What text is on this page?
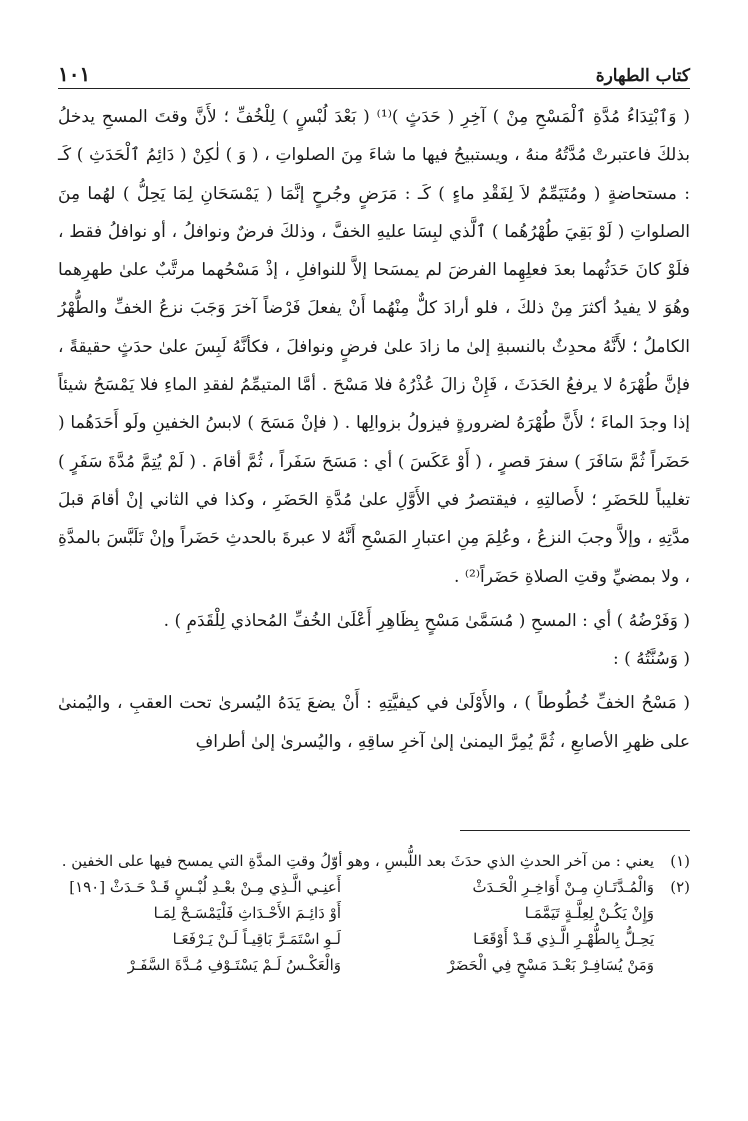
كتاب الطهارة
١٠١

( وَٱبْتِدَاءُ مُدَّةِ ٱلْمَسْحِ مِنْ ) آخِرِ ( حَدَثٍ )⁽¹⁾ ( بَعْدَ لُبْسٍ ) لِلْخُفِّ ؛ لأَنَّ وقتَ المسحِ يدخلُ بذلكَ فاعتبرتْ مُدَّتُهُ منهُ ، ويستبيحُ فيها ما شاءَ مِنَ الصلواتِ ، ( وَ ) لٰكِنْ ( دَائِمُ ٱلْحَدَثِ ) كَـ : مستحاضةٍ ( ومُتَيَمِّمٌ لاَ لِفَقْدِ ماءٍ ) كَـ : مَرَضٍ وجُرحٍ إنَّمَا ( يَمْسَحَانِ لِمَا يَحِلُّ ) لهُما مِنَ الصلواتِ ( لَوْ بَقِيَ طُهْرُهُما ) ٱلَّذي لبِسَا عليهِ الخفَّ ، وذلكَ فرضٌ ونوافلُ ، أو نوافلُ فقط ، فلَوْ كانَ حَدَثُهما بعدَ فعلِهِما الفرضَ لم يمسَحا إلاَّ للنوافلِ ، إذْ مَسْحُهما مرتَّبٌ علىٰ طهرِهما وهُوَ لا يفيدُ أكثرَ مِنْ ذلكَ ، فلو أرادَ كلٌّ مِنْهُما أَنْ يفعلَ فَرْضاً آخرَ وَجَبَ نزعُ الخفِّ والطُّهْرُ الكاملُ ؛ لأَنَّهُ محدِثٌ بالنسبةِ إلىٰ ما زادَ علىٰ فرضٍ ونوافلَ ، فكأنَّهُ لَبِسَ علىٰ حدَثٍ حقيقةً ، فإنَّ طُهْرَهُ لا يرفعُ الحَدَثَ ، فَإِنْ زالَ عُذْرُهُ فلا مَسْحَ . أمَّا المتيمِّمُ لفقدِ الماءِ فلا يَمْسَحُ شيئاً إذا وجدَ الماءَ ؛ لأَنَّ طُهْرَهُ لضرورةٍ فيزولُ بزوالِها . ( فإنْ مَسَحَ ) لابسُ الخفينِ ولَو أَحَدَهُما ( حَضَراً ثُمَّ سَافَرَ ) سفرَ قصرٍ ، ( أَوْ عَكَسَ ) أي : مَسَحَ سَفَراً ، ثُمَّ أقامَ . ( لَمْ يُتِمَّ مُدَّةَ سَفَرٍ ) تغليباً للحَضَرِ ؛ لأَصالتِهِ ، فيقتصرُ في الأَوَّلِ علىٰ مُدَّةِ الحَضَرِ ، وكذا في الثاني إنْ أقامَ قبلَ مدَّتِهِ ، وإلاَّ وجبَ النزعُ ، وعُلِمَ مِنِ اعتبارِ المَسْحِ أَنَّهُ لا عبرةَ بالحدثِ حَضَراً وإنْ تَلَبَّسَ بالمدَّةِ ، ولا بمضيِّ وقتِ الصلاةِ حَضَراً⁽²⁾ .

( وَفَرْضُهُ ) أي : المسحِ ( مُسَمَّىٰ مَسْحٍ بِظَاهِرِ أَعْلَىٰ الخُفِّ المُحاذي لِلْقَدَمِ ) .

( وَسُنَّتُهُ ) :

( مَسْحُ الخفِّ خُطُوطاً ) ، والأَوْلَىٰ في كيفيَّتِهِ : أَنْ يضعَ يَدَهُ اليُسرىٰ تحت العقبِ ، واليُمنىٰ على ظهرِ الأصابعِ ، ثُمَّ يُمِرَّ اليمنىٰ إلىٰ آخرِ ساقِهِ ، واليُسرىٰ إلىٰ أطرافِ

(١)
يعني : من آخر الحدثِ الذي حدَثَ بعد اللُّبسِ ، وهو أوّلُ وقتِ المدَّةِ التي يمسح فيها على الخفين .
(٢)
وَالْمُـدَّتَـانِ مِـنْ أَوَاخِـرِ الْحَـدَثْ
أَعنِـي الَّـذِي مِـنْ بعْـدِ لُبْـسٍ قَـدْ حَـدَثْ [١٩٠]
وَإِنْ يَكُـنْ لِعِلَّـةٍ تَيَمَّمَـا
أَوْ دَائِـمَ الأَحْـدَاثِ فَلْيَمْسَـحْ لِمَـا
يَحِـلُّ بِالطُّهْـرِ الَّـذِي قَـدْ أَوْقَعَـا
لَـوِ اسْتَمَـرَّ بَاقِيـاً لَـنْ يَـرْفَعَـا
وَمَنْ يُسَافِـرْ بَعْـدَ مَسْحٍ فِي الْحَضَرْ
وَالْعَكْـسُ لَـمْ يَسْتَـوْفِ مُـدَّةَ السَّفَـرْ
